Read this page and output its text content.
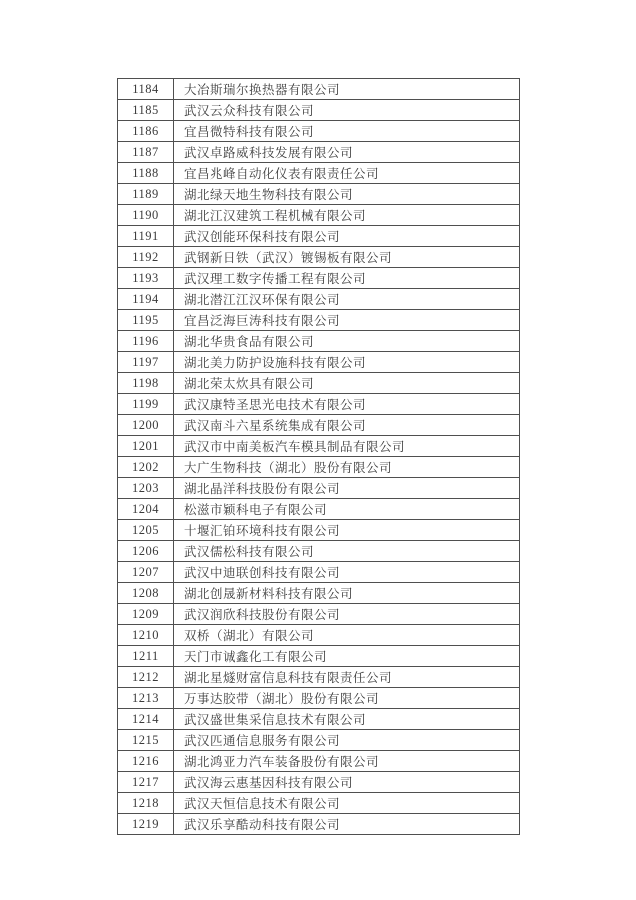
1184	大冶斯瑞尔换热器有限公司
1185	武汉云众科技有限公司
1186	宜昌微特科技有限公司
1187	武汉卓路威科技发展有限公司
1188	宜昌兆峰自动化仪表有限责任公司
1189	湖北绿天地生物科技有限公司
1190	湖北江汉建筑工程机械有限公司
1191	武汉创能环保科技有限公司
1192	武钢新日铁（武汉）镀锡板有限公司
1193	武汉理工数字传播工程有限公司
1194	湖北潜江江汉环保有限公司
1195	宜昌泛海巨涛科技有限公司
1196	湖北华贵食品有限公司
1197	湖北美力防护设施科技有限公司
1198	湖北荣太炊具有限公司
1199	武汉康特圣思光电技术有限公司
1200	武汉南斗六星系统集成有限公司
1201	武汉市中南美板汽车模具制品有限公司
1202	大广生物科技（湖北）股份有限公司
1203	湖北晶洋科技股份有限公司
1204	松滋市颖科电子有限公司
1205	十堰汇铂环境科技有限公司
1206	武汉儒松科技有限公司
1207	武汉中迪联创科技有限公司
1208	湖北创晟新材料科技有限公司
1209	武汉润欣科技股份有限公司
1210	双桥（湖北）有限公司
1211	天门市诚鑫化工有限公司
1212	湖北星燧财富信息科技有限责任公司
1213	万事达胶带（湖北）股份有限公司
1214	武汉盛世集采信息技术有限公司
1215	武汉匹通信息服务有限公司
1216	湖北鸿亚力汽车装备股份有限公司
1217	武汉海云惠基因科技有限公司
1218	武汉天恒信息技术有限公司
1219	武汉乐享酷动科技有限公司
